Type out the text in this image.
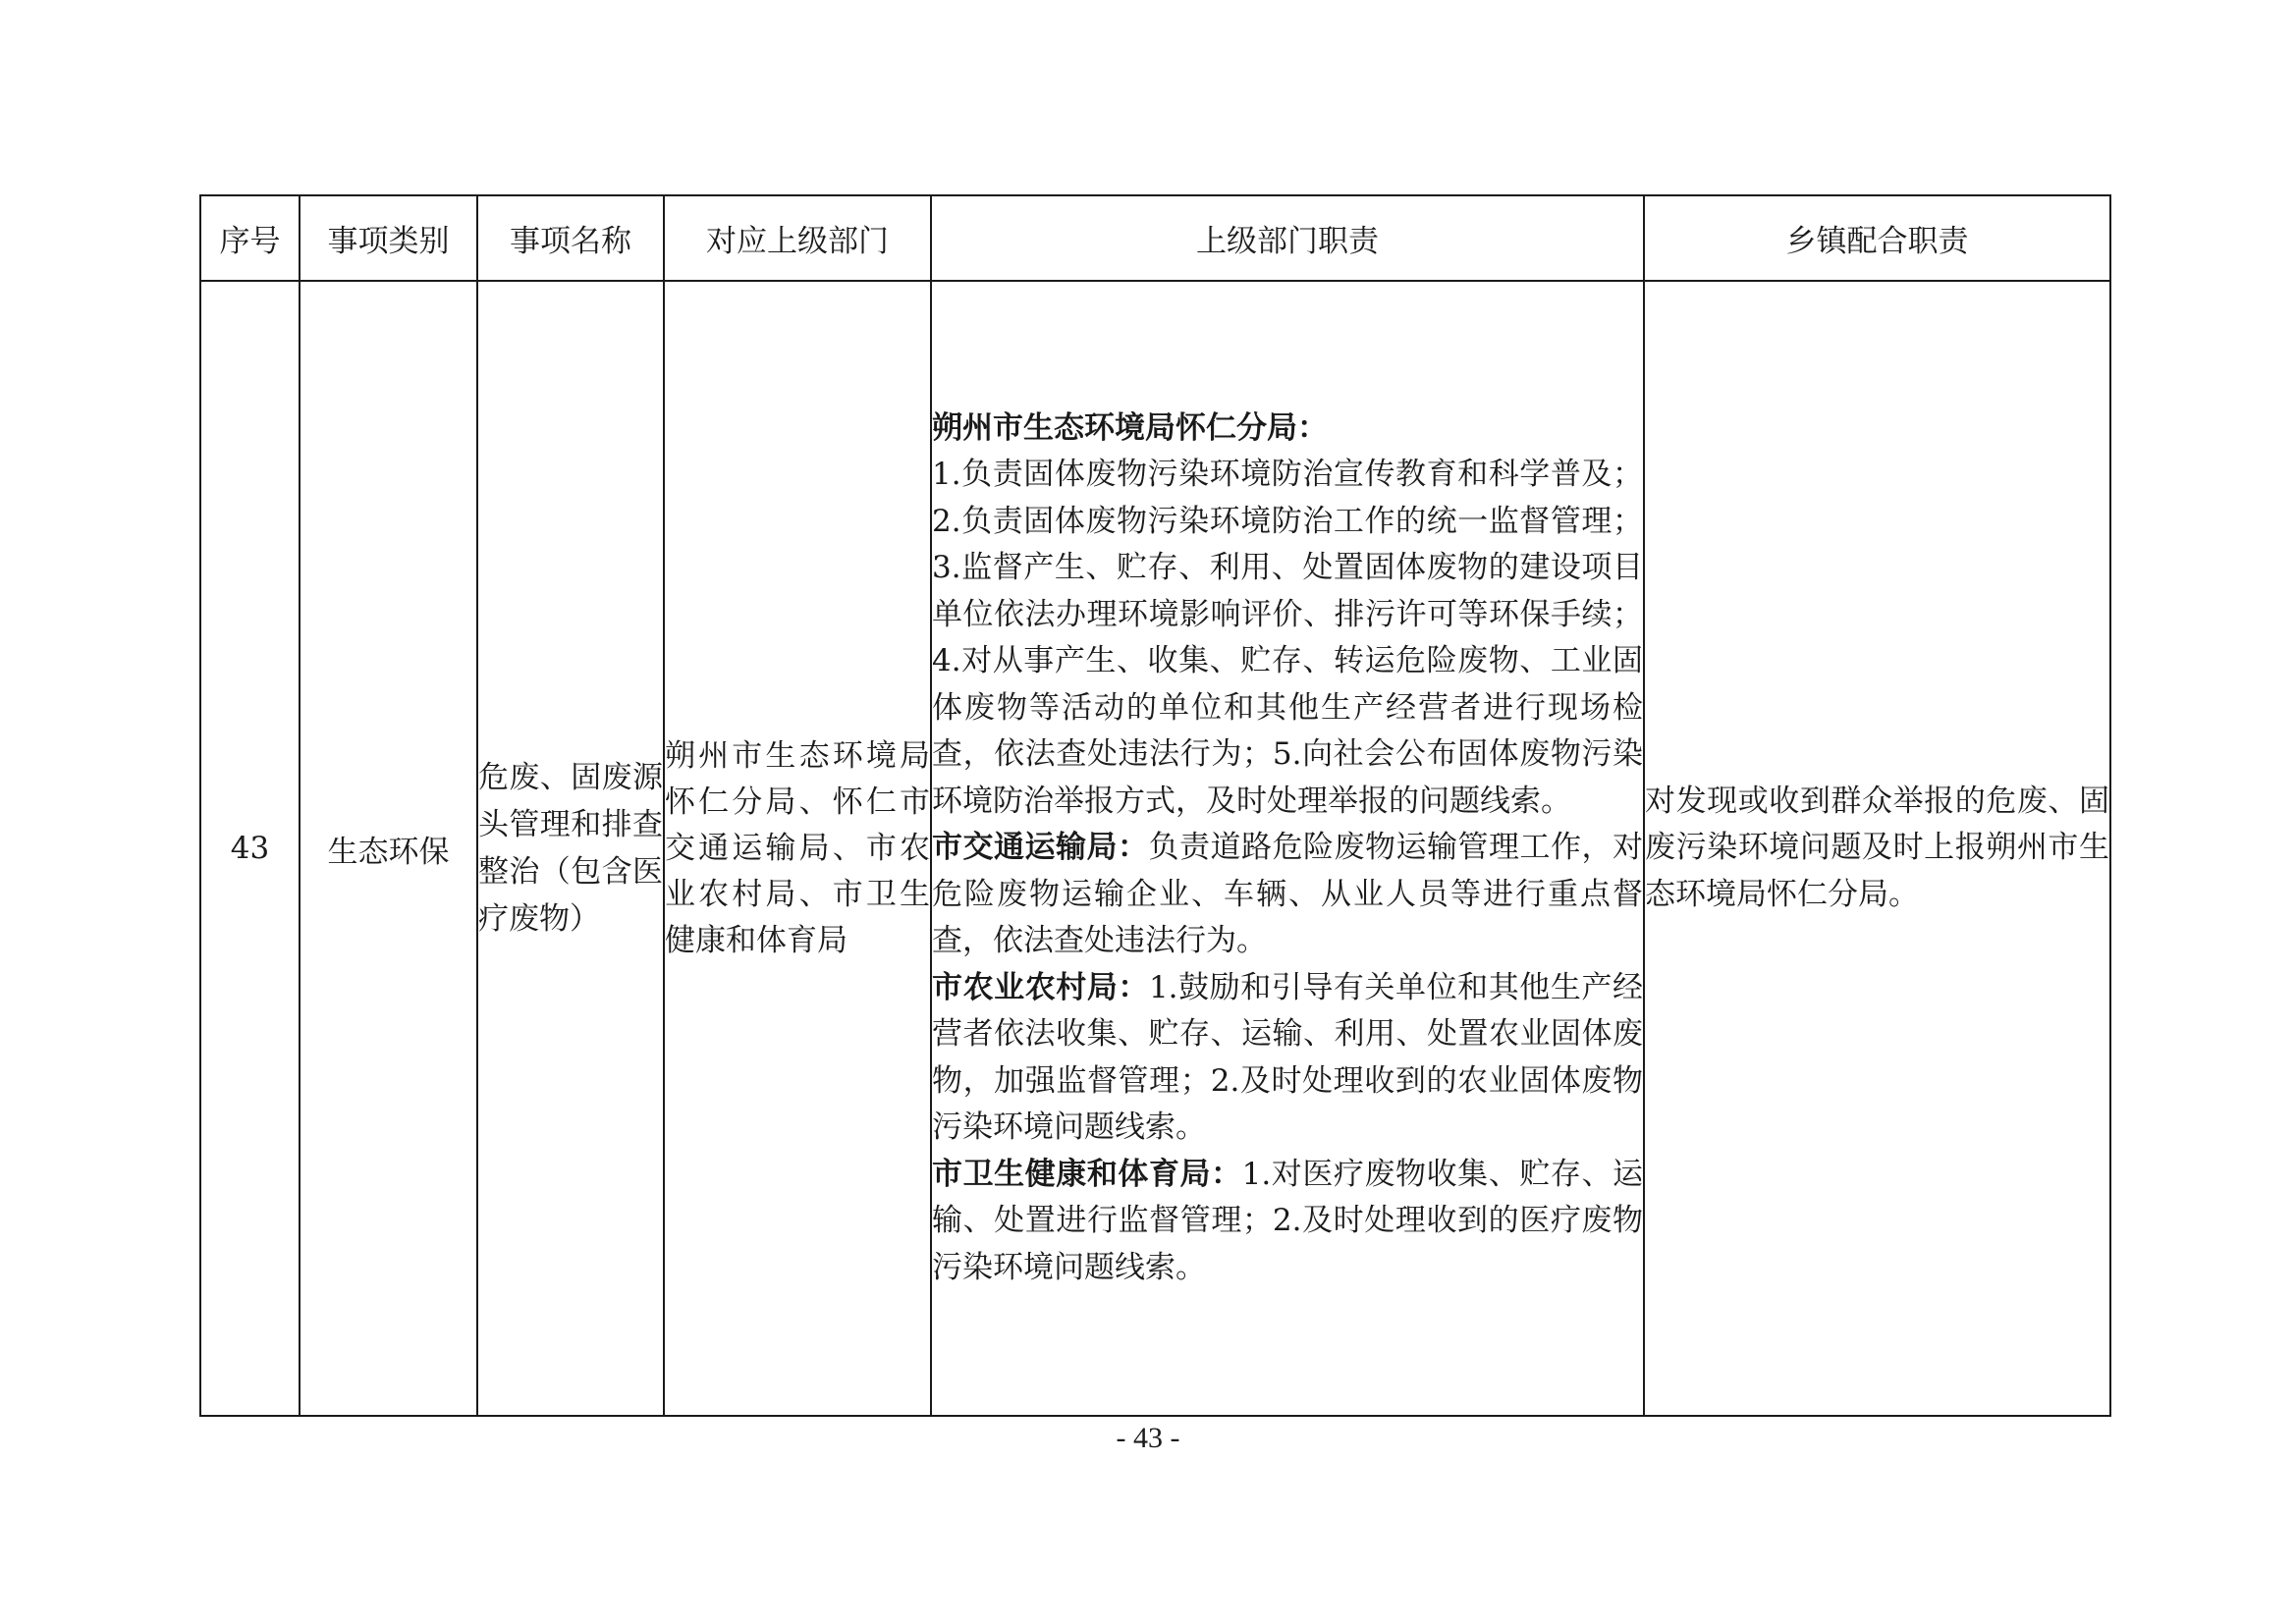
序号	事项类别	事项名称	对应上级部门	上级部门职责	乡镇配合职责
43	生态环保	危废、固废源头管理和排查整治（包含医疗废物）	朔州市生态环境局怀仁分局、怀仁市交通运输局、市农业农村局、市卫生健康和体育局	朔州市生态环境局怀仁分局：
1.负责固体废物污染环境防治宣传教育和科学普及；2.负责固体废物污染环境防治工作的统一监督管理；3.监督产生、贮存、利用、处置固体废物的建设项目单位依法办理环境影响评价、排污许可等环保手续；4.对从事产生、收集、贮存、转运危险废物、工业固体废物等活动的单位和其他生产经营者进行现场检查，依法查处违法行为；5.向社会公布固体废物污染环境防治举报方式，及时处理举报的问题线索。

市交通运输局：负责道路危险废物运输管理工作，对危险废物运输企业、车辆、从业人员等进行重点督查，依法查处违法行为。

市农业农村局：1.鼓励和引导有关单位和其他生产经营者依法收集、贮存、运输、利用、处置农业固体废物，加强监督管理；2.及时处理收到的农业固体废物污染环境问题线索。

市卫生健康和体育局：1.对医疗废物收集、贮存、运输、处置进行监督管理；2.及时处理收到的医疗废物污染环境问题线索。	对发现或收到群众举报的危废、固废污染环境问题及时上报朔州市生态环境局怀仁分局。
- 43 -
